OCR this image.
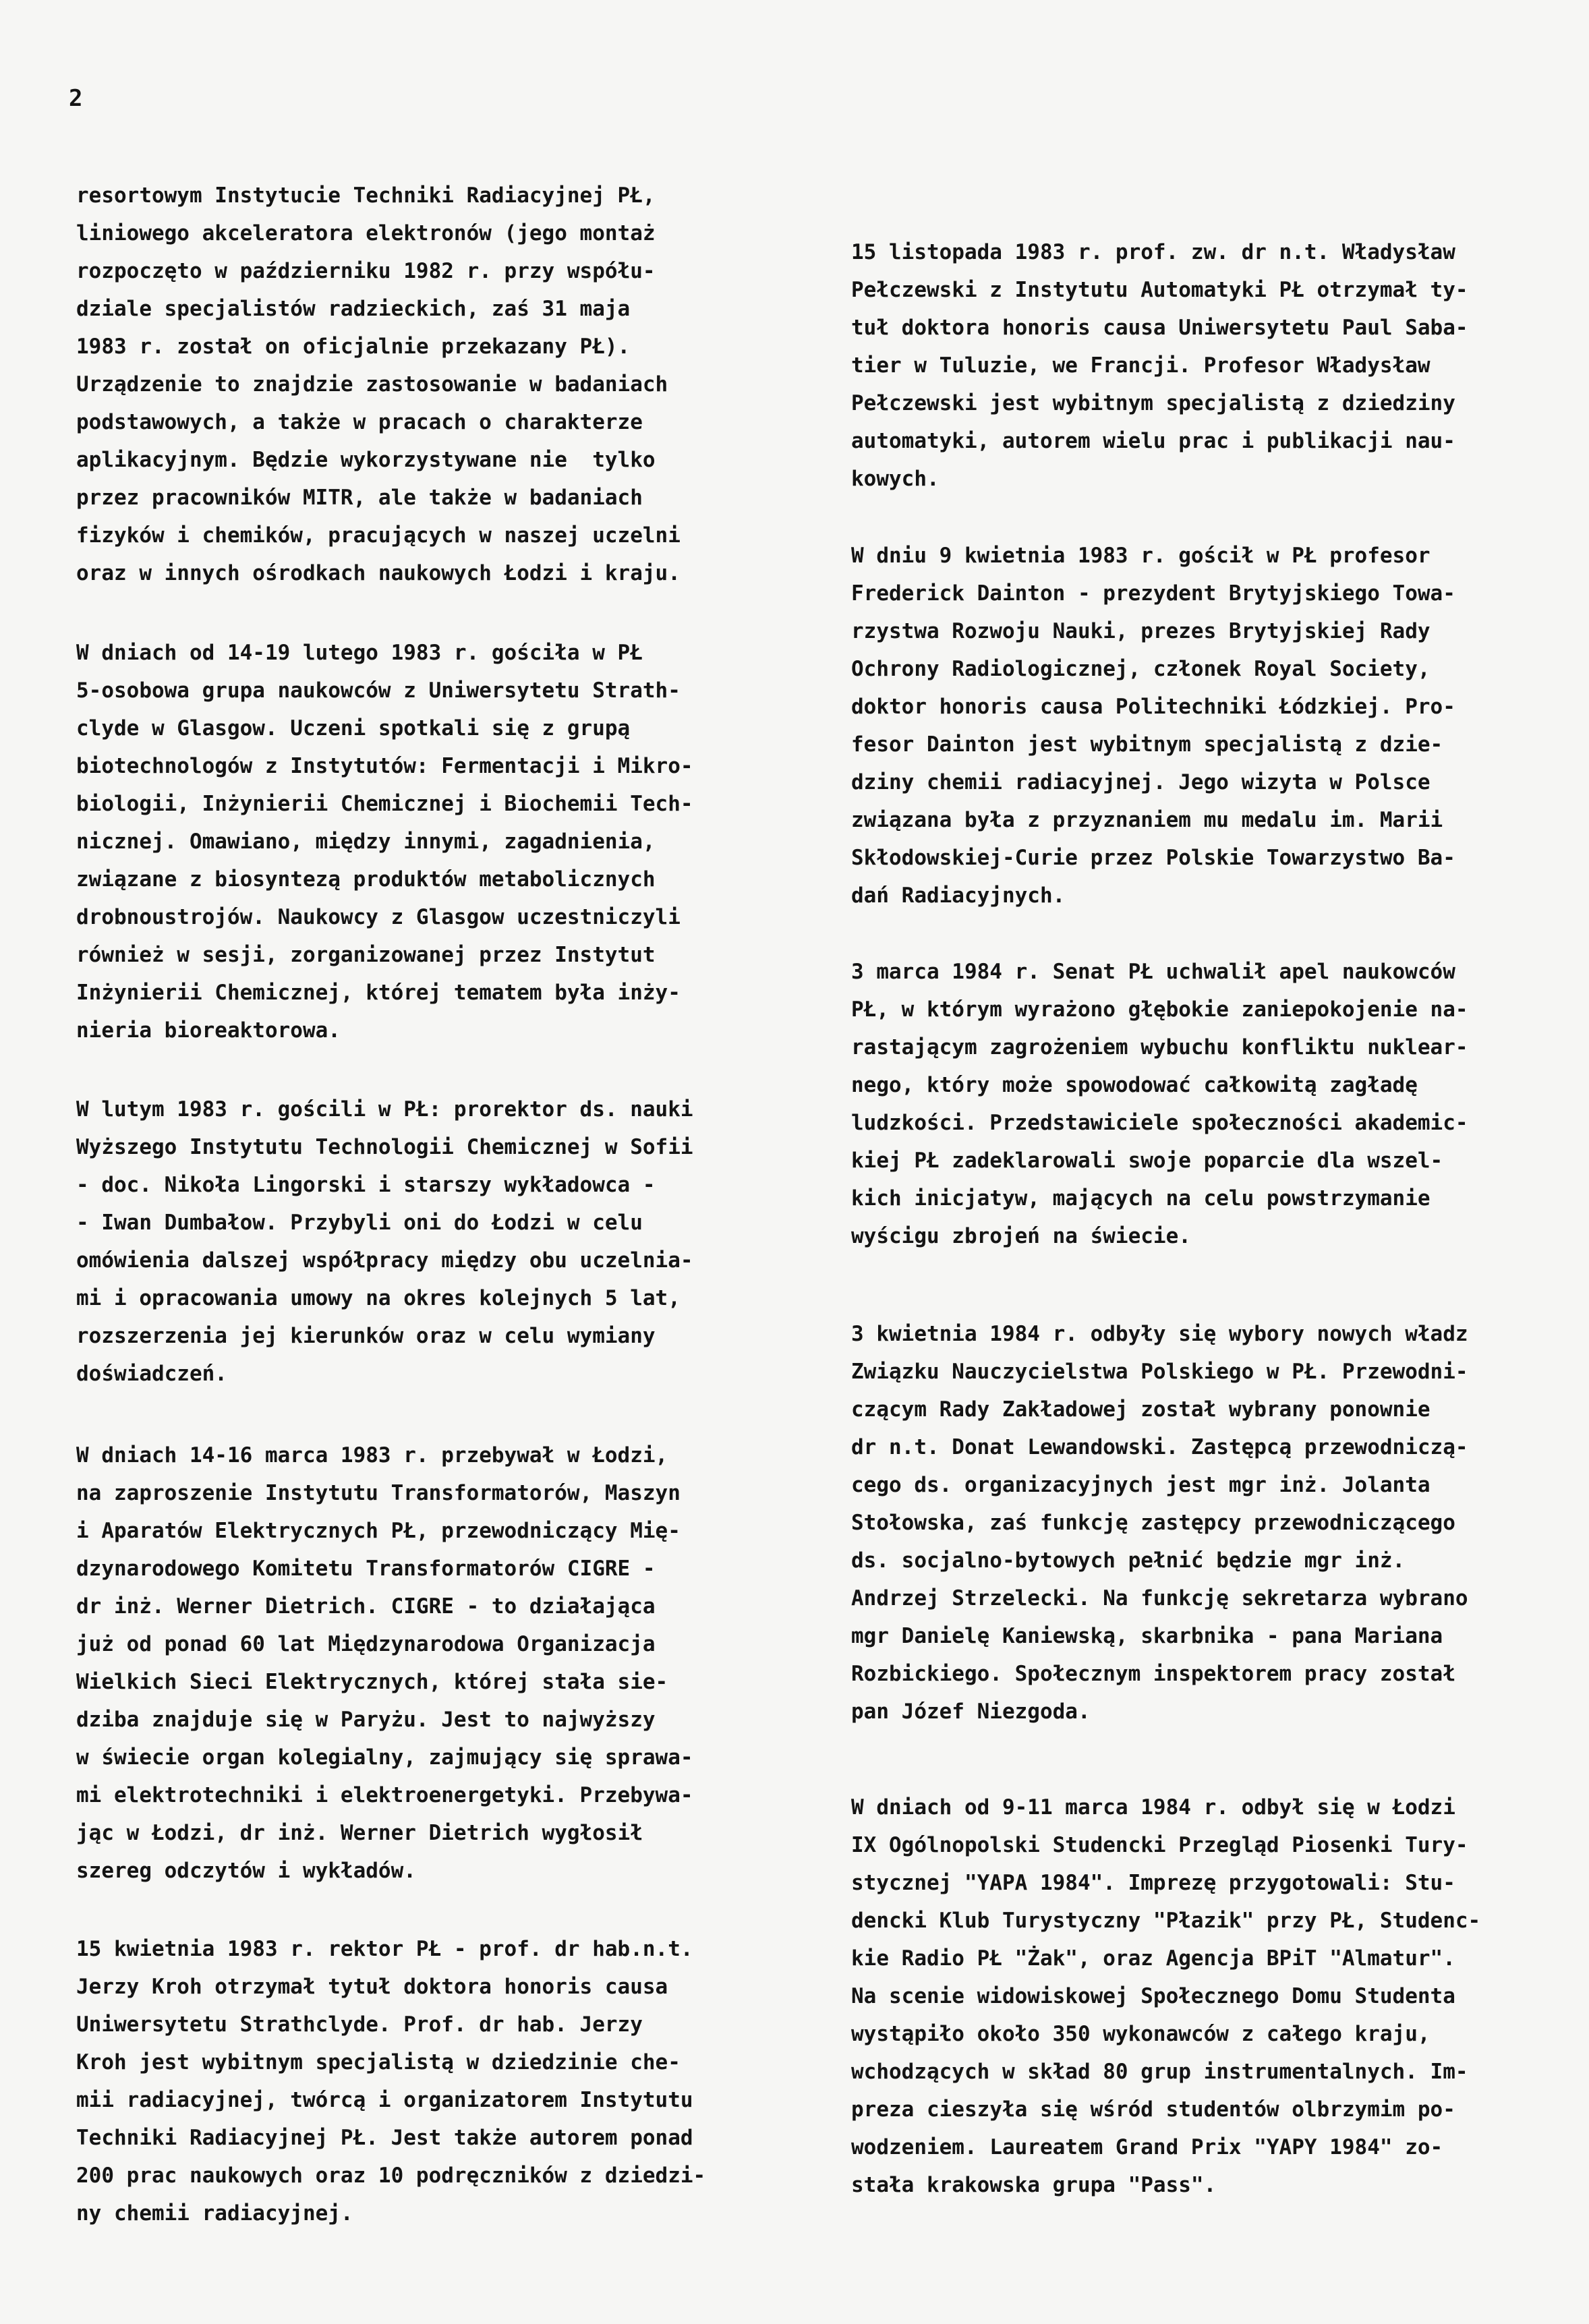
2
resortowym Instytucie Techniki Radiacyjnej PŁ,
liniowego akceleratora elektronów (jego montaż
rozpoczęto w październiku 1982 r. przy współu-
dziale specjalistów radzieckich, zaś 31 maja
1983 r. został on oficjalnie przekazany PŁ).
Urządzenie to znajdzie zastosowanie w badaniach
podstawowych, a także w pracach o charakterze
aplikacyjnym. Będzie wykorzystywane nie  tylko
przez pracowników MITR, ale także w badaniach
fizyków i chemików, pracujących w naszej uczelni
oraz w innych ośrodkach naukowych Łodzi i kraju.
W dniach od 14-19 lutego 1983 r. gościła w PŁ
5-osobowa grupa naukowców z Uniwersytetu Strath-
clyde w Glasgow. Uczeni spotkali się z grupą
biotechnologów z Instytutów: Fermentacji i Mikro-
biologii, Inżynierii Chemicznej i Biochemii Tech-
nicznej. Omawiano, między innymi, zagadnienia,
związane z biosyntezą produktów metabolicznych
drobnoustrojów. Naukowcy z Glasgow uczestniczyli
również w sesji, zorganizowanej przez Instytut
Inżynierii Chemicznej, której tematem była inży-
nieria bioreaktorowa.
W lutym 1983 r. gościli w PŁ: prorektor ds. nauki
Wyższego Instytutu Technologii Chemicznej w Sofii
- doc. Nikoła Lingorski i starszy wykładowca -
- Iwan Dumbałow. Przybyli oni do Łodzi w celu
omówienia dalszej współpracy między obu uczelnia-
mi i opracowania umowy na okres kolejnych 5 lat,
rozszerzenia jej kierunków oraz w celu wymiany
doświadczeń.
W dniach 14-16 marca 1983 r. przebywał w Łodzi,
na zaproszenie Instytutu Transformatorów, Maszyn
i Aparatów Elektrycznych PŁ, przewodniczący Mię-
dzynarodowego Komitetu Transformatorów CIGRE -
dr inż. Werner Dietrich. CIGRE - to działająca
już od ponad 60 lat Międzynarodowa Organizacja
Wielkich Sieci Elektrycznych, której stała sie-
dziba znajduje się w Paryżu. Jest to najwyższy
w świecie organ kolegialny, zajmujący się sprawa-
mi elektrotechniki i elektroenergetyki. Przebywa-
jąc w Łodzi, dr inż. Werner Dietrich wygłosił
szereg odczytów i wykładów.
15 kwietnia 1983 r. rektor PŁ - prof. dr hab.n.t.
Jerzy Kroh otrzymał tytuł doktora honoris causa
Uniwersytetu Strathclyde. Prof. dr hab. Jerzy
Kroh jest wybitnym specjalistą w dziedzinie che-
mii radiacyjnej, twórcą i organizatorem Instytutu
Techniki Radiacyjnej PŁ. Jest także autorem ponad
200 prac naukowych oraz 10 podręczników z dziedzi-
ny chemii radiacyjnej.
15 listopada 1983 r. prof. zw. dr n.t. Władysław
Pełczewski z Instytutu Automatyki PŁ otrzymał ty-
tuł doktora honoris causa Uniwersytetu Paul Saba-
tier w Tuluzie, we Francji. Profesor Władysław
Pełczewski jest wybitnym specjalistą z dziedziny
automatyki, autorem wielu prac i publikacji nau-
kowych.
W dniu 9 kwietnia 1983 r. gościł w PŁ profesor
Frederick Dainton - prezydent Brytyjskiego Towa-
rzystwa Rozwoju Nauki, prezes Brytyjskiej Rady
Ochrony Radiologicznej, członek Royal Society,
doktor honoris causa Politechniki Łódzkiej. Pro-
fesor Dainton jest wybitnym specjalistą z dzie-
dziny chemii radiacyjnej. Jego wizyta w Polsce
związana była z przyznaniem mu medalu im. Marii
Skłodowskiej-Curie przez Polskie Towarzystwo Ba-
dań Radiacyjnych.
3 marca 1984 r. Senat PŁ uchwalił apel naukowców
PŁ, w którym wyrażono głębokie zaniepokojenie na-
rastającym zagrożeniem wybuchu konfliktu nuklear-
nego, który może spowodować całkowitą zagładę
ludzkości. Przedstawiciele społeczności akademic-
kiej PŁ zadeklarowali swoje poparcie dla wszel-
kich inicjatyw, mających na celu powstrzymanie
wyścigu zbrojeń na świecie.
3 kwietnia 1984 r. odbyły się wybory nowych władz
Związku Nauczycielstwa Polskiego w PŁ. Przewodni-
czącym Rady Zakładowej został wybrany ponownie
dr n.t. Donat Lewandowski. Zastępcą przewodniczą-
cego ds. organizacyjnych jest mgr inż. Jolanta
Stołowska, zaś funkcję zastępcy przewodniczącego
ds. socjalno-bytowych pełnić będzie mgr inż.
Andrzej Strzelecki. Na funkcję sekretarza wybrano
mgr Danielę Kaniewską, skarbnika - pana Mariana
Rozbickiego. Społecznym inspektorem pracy został
pan Józef Niezgoda.
W dniach od 9-11 marca 1984 r. odbył się w Łodzi
IX Ogólnopolski Studencki Przegląd Piosenki Tury-
stycznej "YAPA 1984". Imprezę przygotowali: Stu-
dencki Klub Turystyczny "Płazik" przy PŁ, Studenc-
kie Radio PŁ "Żak", oraz Agencja BPiT "Almatur".
Na scenie widowiskowej Społecznego Domu Studenta
wystąpiło około 350 wykonawców z całego kraju,
wchodzących w skład 80 grup instrumentalnych. Im-
preza cieszyła się wśród studentów olbrzymim po-
wodzeniem. Laureatem Grand Prix "YAPY 1984" zo-
stała krakowska grupa "Pass".
